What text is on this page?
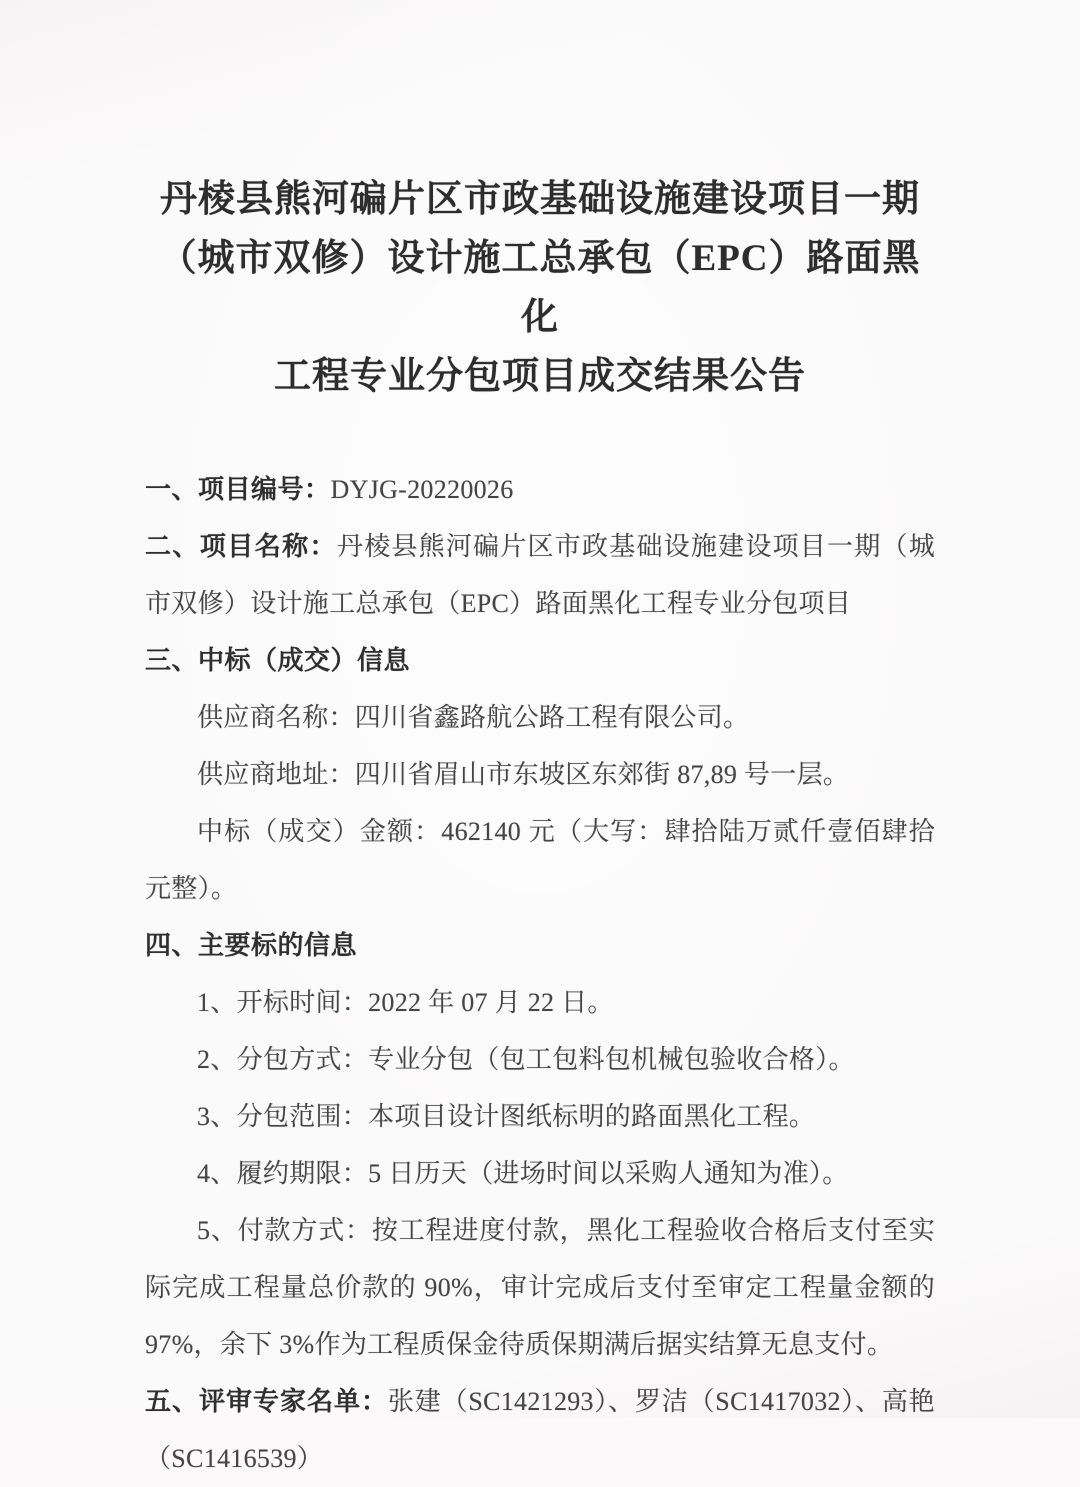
丹棱县熊河碥片区市政基础设施建设项目一期
（城市双修）设计施工总承包（EPC）路面黑化
工程专业分包项目成交结果公告

一、项目编号：DYJG-20220026

二、项目名称：丹棱县熊河碥片区市政基础设施建设项目一期（城市双修）设计施工总承包（EPC）路面黑化工程专业分包项目

三、中标（成交）信息

供应商名称：四川省鑫路航公路工程有限公司。

供应商地址：四川省眉山市东坡区东郊街 87,89 号一层。

中标（成交）金额：462140 元（大写：肆拾陆万贰仟壹佰肆拾元整）。

四、主要标的信息

1、开标时间：2022 年 07 月 22 日。

2、分包方式：专业分包（包工包料包机械包验收合格）。

3、分包范围：本项目设计图纸标明的路面黑化工程。

4、履约期限：5 日历天（进场时间以采购人通知为准）。

5、付款方式：按工程进度付款，黑化工程验收合格后支付至实际完成工程量总价款的 90%，审计完成后支付至审定工程量金额的 97%，余下 3%作为工程质保金待质保期满后据实结算无息支付。

五、评审专家名单：张建（SC1421293）、罗洁（SC1417032）、高艳（SC1416539）
